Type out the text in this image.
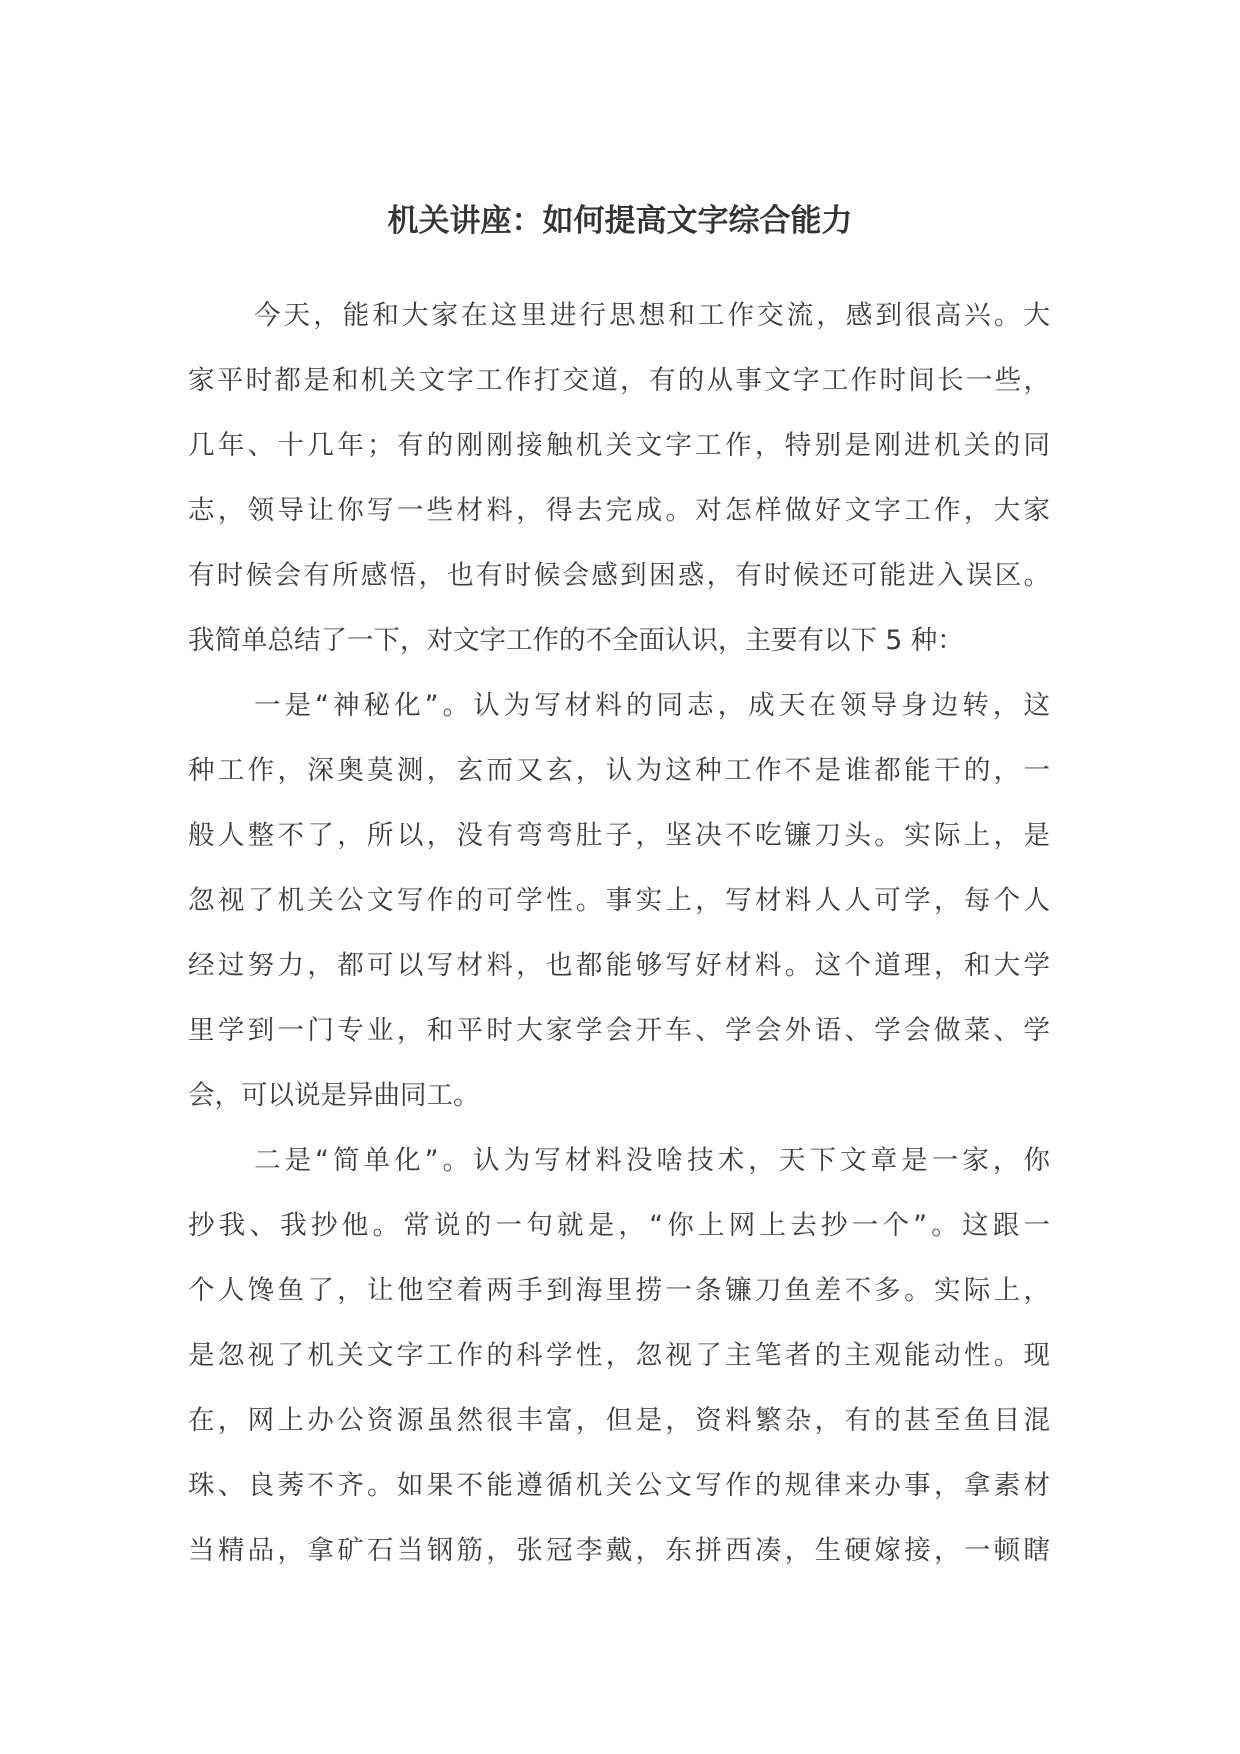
机关讲座：如何提高文字综合能力
今天，能和大家在这里进行思想和工作交流，感到很高兴。大
家平时都是和机关文字工作打交道，有的从事文字工作时间长一些，
几年、十几年；有的刚刚接触机关文字工作，特别是刚进机关的同
志，领导让你写一些材料，得去完成。对怎样做好文字工作，大家
有时候会有所感悟，也有时候会感到困惑，有时候还可能进入误区。
我简单总结了一下，对文字工作的不全面认识，主要有以下 5 种：
一是“神秘化”。认为写材料的同志，成天在领导身边转，这
种工作，深奥莫测，玄而又玄，认为这种工作不是谁都能干的，一
般人整不了，所以，没有弯弯肚子，坚决不吃镰刀头。实际上，是
忽视了机关公文写作的可学性。事实上，写材料人人可学，每个人
经过努力，都可以写材料，也都能够写好材料。这个道理，和大学
里学到一门专业，和平时大家学会开车、学会外语、学会做菜、学
会，可以说是异曲同工。
二是“简单化”。认为写材料没啥技术，天下文章是一家，你
抄我、我抄他。常说的一句就是，“你上网上去抄一个”。这跟一
个人馋鱼了，让他空着两手到海里捞一条镰刀鱼差不多。实际上，
是忽视了机关文字工作的科学性，忽视了主笔者的主观能动性。现
在，网上办公资源虽然很丰富，但是，资料繁杂，有的甚至鱼目混
珠、良莠不齐。如果不能遵循机关公文写作的规律来办事，拿素材
当精品，拿矿石当钢筋，张冠李戴，东拼西凑，生硬嫁接，一顿瞎
